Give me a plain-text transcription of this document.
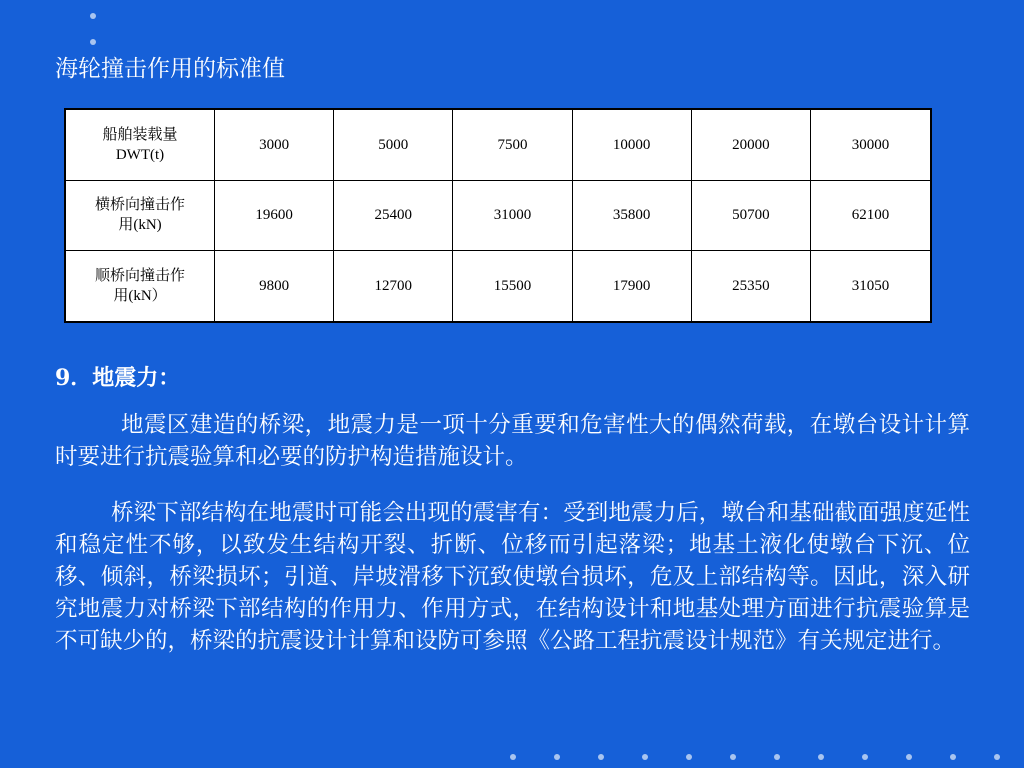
海轮撞击作用的标准值
船舶装载量
DWT(t)	3000	5000	7500	10000	20000	30000
横桥向撞击作
用(kN)	19600	25400	31000	35800	50700	62100
顺桥向撞击作
用(kN）	9800	12700	15500	17900	25350	31050
9．地震力：

地震区建造的桥梁，地震力是一项十分重要和危害性大的偶然荷载，在墩台设计计算时要进行抗震验算和必要的防护构造措施设计。

桥梁下部结构在地震时可能会出现的震害有：受到地震力后，墩台和基础截面强度延性和稳定性不够，以致发生结构开裂、折断、位移而引起落梁；地基土液化使墩台下沉、位移、倾斜，桥梁损坏；引道、岸坡滑移下沉致使墩台损坏，危及上部结构等。因此，深入研究地震力对桥梁下部结构的作用力、作用方式，在结构设计和地基处理方面进行抗震验算是不可缺少的，桥梁的抗震设计计算和设防可参照《公路工程抗震设计规范》有关规定进行。
